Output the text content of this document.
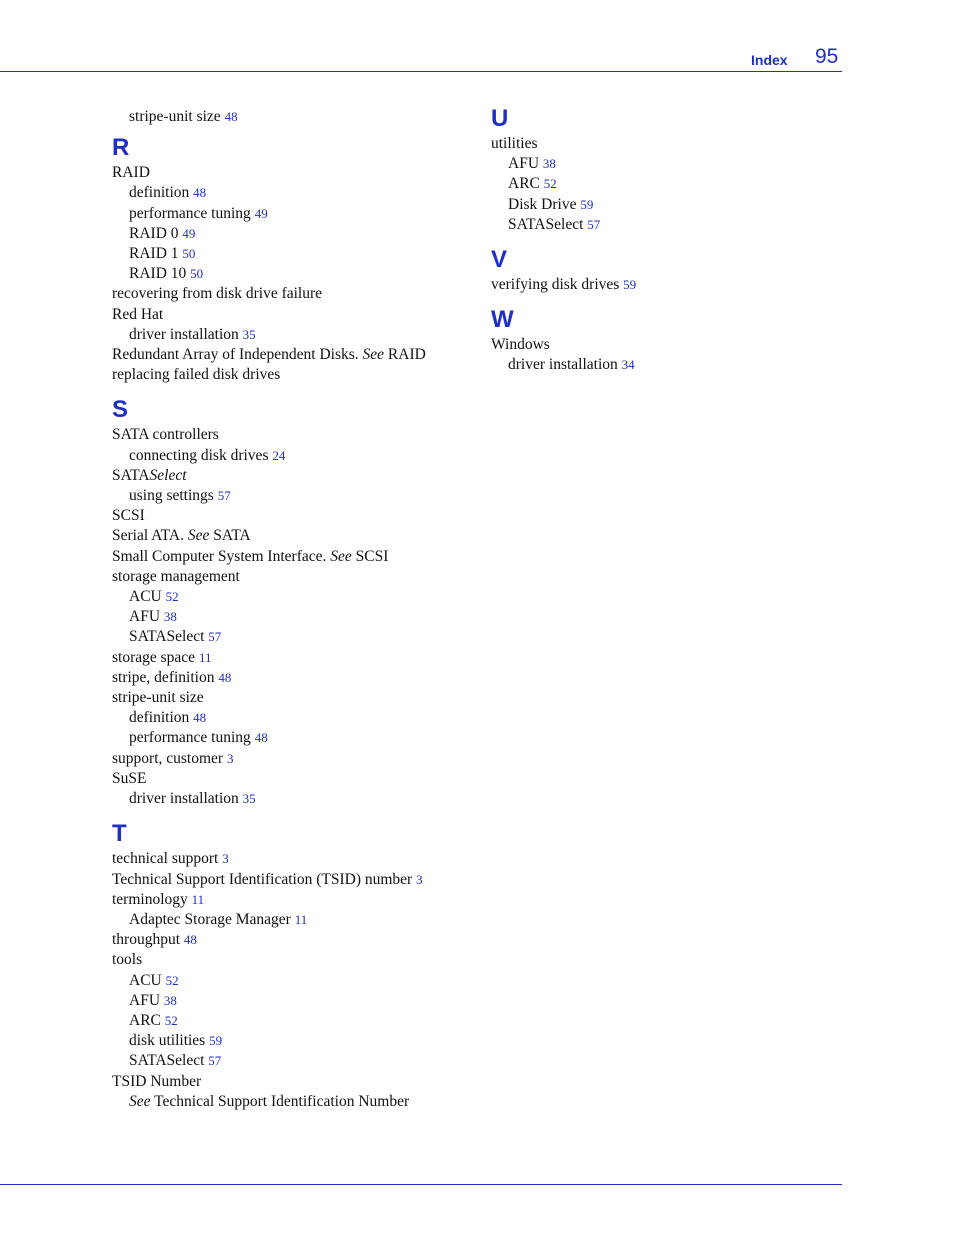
Index 95
stripe-unit size 48
R
RAID
definition 48
performance tuning 49
RAID 0 49
RAID 1 50
RAID 10 50
recovering from disk drive failure
Red Hat
driver installation 35
Redundant Array of Independent Disks. See RAID
replacing failed disk drives
S
SATA controllers
connecting disk drives 24
SATASelect
using settings 57
SCSI
Serial ATA. See SATA
Small Computer System Interface. See SCSI
storage management
ACU 52
AFU 38
SATASelect 57
storage space 11
stripe, definition 48
stripe-unit size
definition 48
performance tuning 48
support, customer 3
SuSE
driver installation 35
T
technical support 3
Technical Support Identification (TSID) number 3
terminology 11
Adaptec Storage Manager 11
throughput 48
tools
ACU 52
AFU 38
ARC 52
disk utilities 59
SATASelect 57
TSID Number
See Technical Support Identification Number
U
utilities
AFU 38
ARC 52
Disk Drive 59
SATASelect 57
V
verifying disk drives 59
W
Windows
driver installation 34
